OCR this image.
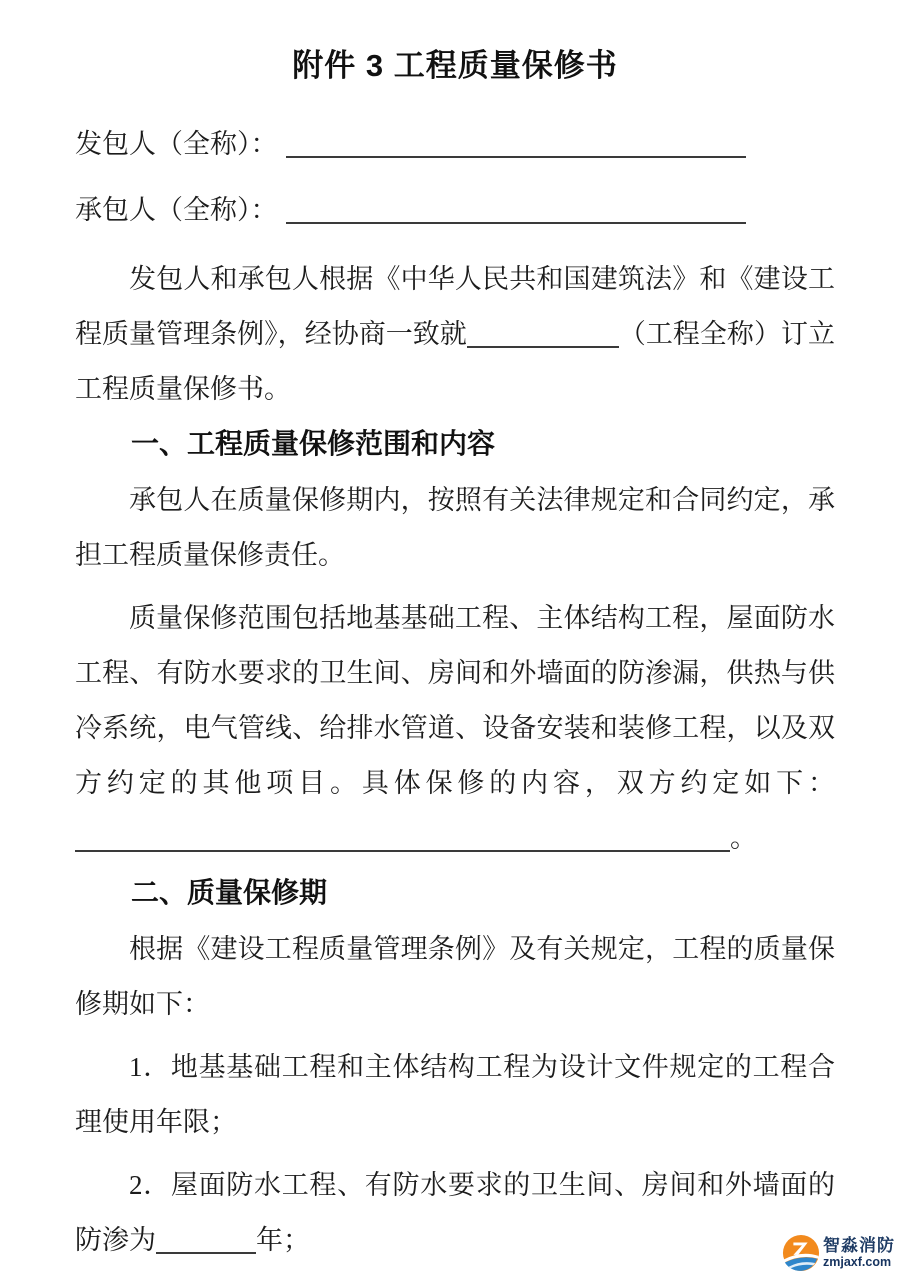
附件 3 工程质量保修书
发包人（全称）：
承包人（全称）：

发包人和承包人根据《中华人民共和国建筑法》和《建设工程质量管理条例》，经协商一致就	（工程全称）订立工程质量保修书。

一、工程质量保修范围和内容

承包人在质量保修期内，按照有关法律规定和合同约定，承担工程质量保修责任。

质量保修范围包括地基基础工程、主体结构工程，屋面防水工程、有防水要求的卫生间、房间和外墙面的防渗漏，供热与供冷系统，电气管线、给排水管道、设备安装和装修工程，以及双方约定的其他项目。具体保修的内容，双方约定如下：。

二、质量保修期

根据《建设工程质量管理条例》及有关规定，工程的质量保修期如下：

1．地基基础工程和主体结构工程为设计文件规定的工程合理使用年限；

2．屋面防水工程、有防水要求的卫生间、房间和外墙面的防渗为	年；	智淼消防
zmjaxf.com
